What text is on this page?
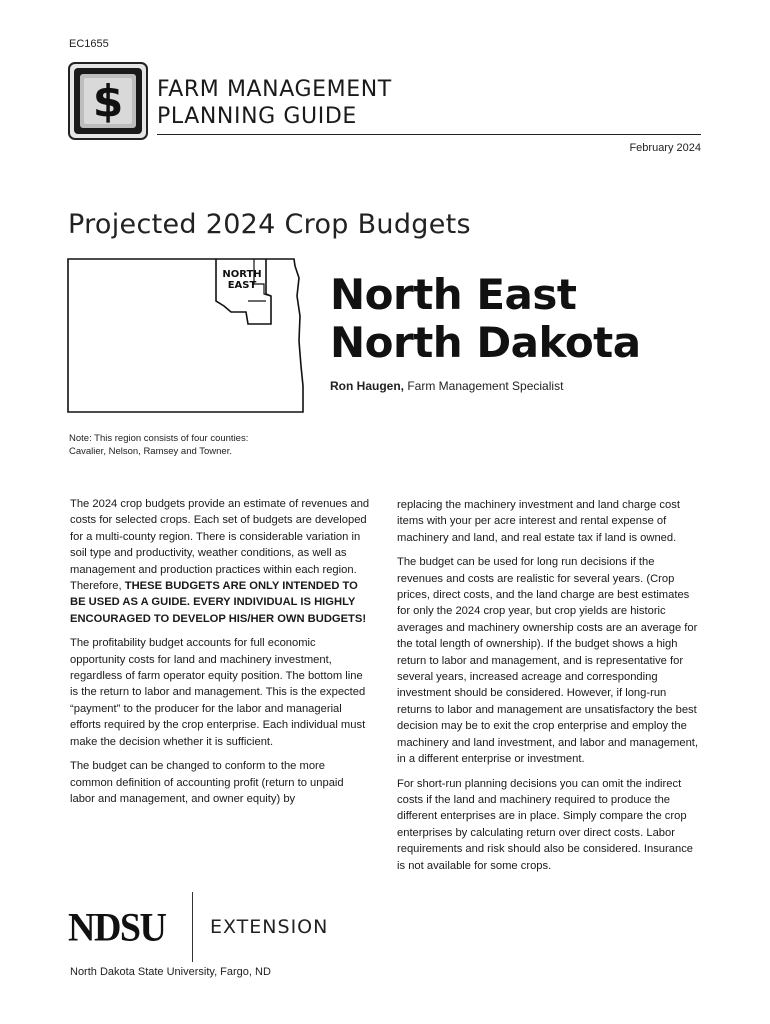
EC1655
$ FARM MANAGEMENT
PLANNING GUIDE
February 2024
Projected 2024 Crop Budgets
NORTH
EAST North East
North Dakota
Ron Haugen, Farm Management Specialist
Note: This region consists of four counties:
Cavalier, Nelson, Ramsey and Towner.

The 2024 crop budgets provide an estimate of revenues and costs for selected crops. Each set of budgets are developed for a multi-county region. There is considerable variation in soil type and productivity, weather conditions, as well as management and production practices within each region. Therefore, THESE BUDGETS ARE ONLY INTENDED TO BE USED AS A GUIDE. EVERY INDIVIDUAL IS HIGHLY ENCOURAGED TO DEVELOP HIS/HER OWN BUDGETS!

The profitability budget accounts for full economic opportunity costs for land and machinery investment, regardless of farm operator equity position. The bottom line is the return to labor and management. This is the expected “payment” to the producer for the labor and managerial efforts required by the crop enterprise. Each individual must make the decision whether it is sufficient.

The budget can be changed to conform to the more common definition of accounting profit (return to unpaid labor and management, and owner equity) by

replacing the machinery investment and land charge cost items with your per acre interest and rental expense of machinery and land, and real estate tax if land is owned.

The budget can be used for long run decisions if the revenues and costs are realistic for several years. (Crop prices, direct costs, and the land charge are best estimates for only the 2024 crop year, but crop yields are historic averages and machinery ownership costs are an average for the total length of ownership). If the budget shows a high return to labor and management, and is representative for several years, increased acreage and corresponding investment should be considered. However, if long-run returns to labor and management are unsatisfactory the best decision may be to exit the crop enterprise and employ the machinery and land investment, and labor and management, in a different enterprise or investment.

For short-run planning decisions you can omit the indirect costs if the land and machinery required to produce the different enterprises are in place. Simply compare the crop enterprises by calculating return over direct costs. Labor requirements and risk should also be considered. Insurance is not available for some crops.

NDSU EXTENSION
North Dakota State University, Fargo, ND
